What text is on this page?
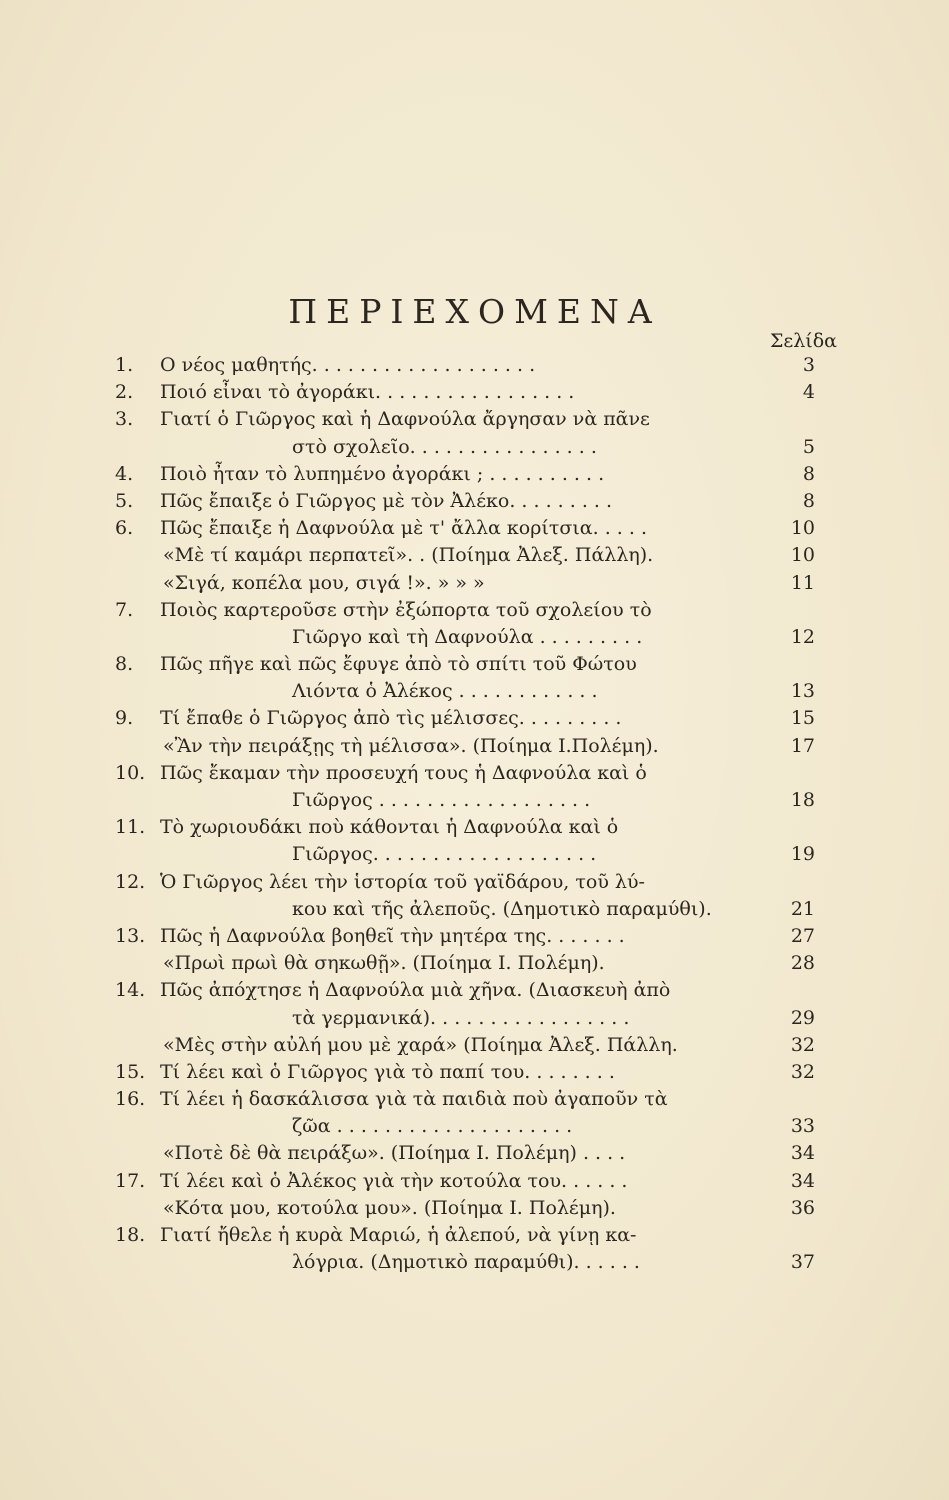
ΠΕΡΙΕΧΟΜΕΝΑ
Σελίδα
1.	Ο νέος μαθητής. . . . . . . . . . . . . . . . . . .	3
2.	Ποιό εἶναι τὸ ἀγοράκι. . . . . . . . . . . . . . . . .	4
3.	Γιατί ὁ Γιῶργος καὶ ἡ Δαφνούλα ἄργησαν νὰ πᾶνε
στὸ σχολεῖο. . . . . . . . . . . . . . . .	5
4.	Ποιὸ ἦταν τὸ λυπημένο ἀγοράκι ; . . . . . . . . . .	8
5.	Πῶς ἔπαιξε ὁ Γιῶργος μὲ τὸν Ἀλέκο. . . . . . . . .	8
6.	Πῶς ἔπαιξε ἡ Δαφνούλα μὲ τ' ἄλλα κορίτσια. . . . .	10
«Μὲ τί καμάρι περπατεῖ». . (Ποίημα Ἀλεξ. Πάλλη).	10
«Σιγά, κοπέλα μου, σιγά !». » » »	11
7.	Ποιὸς καρτεροῦσε στὴν ἐξώπορτα τοῦ σχολείου τὸ
Γιῶργο καὶ τὴ Δαφνούλα . . . . . . . . .	12
8.	Πῶς πῆγε καὶ πῶς ἔφυγε ἀπὸ τὸ σπίτι τοῦ Φώτου
Λιόντα ὁ Ἀλέκος . . . . . . . . . . . .	13
9.	Τί ἔπαθε ὁ Γιῶργος ἀπὸ τὶς μέλισσες. . . . . . . . .	15
«Ἂν τὴν πειράξῃς τὴ μέλισσα». (Ποίημα Ι.Πολέμη).	17
10. Πῶς ἔκαμαν τὴν προσευχή τους ἡ Δαφνούλα καὶ ὁ
Γιῶργος . . . . . . . . . . . . . . . . . .	18
11. Τὸ χωριουδάκι ποὺ κάθονται ἡ Δαφνούλα καὶ ὁ
Γιῶργος. . . . . . . . . . . . . . . . . . .	19
12. Ὁ Γιῶργος λέει τὴν ἱστορία τοῦ γαϊδάρου, τοῦ λύ-
κου καὶ τῆς ἀλεποῦς. (Δημοτικὸ παραμύθι).	21
13. Πῶς ἡ Δαφνούλα βοηθεῖ τὴν μητέρα της. . . . . . .	27
«Πρωὶ πρωὶ θὰ σηκωθῇ». (Ποίημα Ι. Πολέμη).	28
14. Πῶς ἀπόχτησε ἡ Δαφνούλα μιὰ χῆνα. (Διασκευὴ ἀπὸ
τὰ γερμανικά). . . . . . . . . . . . . . . . .	29
«Μὲς στὴν αὐλή μου μὲ χαρά» (Ποίημα Ἀλεξ. Πάλλη.	32
15. Τί λέει καὶ ὁ Γιῶργος γιὰ τὸ παπί του. . . . . . . .	32
16. Τί λέει ἡ δασκάλισσα γιὰ τὰ παιδιὰ ποὺ ἀγαποῦν τὰ
ζῶα . . . . . . . . . . . . . . . . . . . .	33
«Ποτὲ δὲ θὰ πειράξω». (Ποίημα Ι. Πολέμη) . . . .	34
17. Τί λέει καὶ ὁ Ἀλέκος γιὰ τὴν κοτούλα του. . . . . .	34
«Κότα μου, κοτούλα μου». (Ποίημα Ι. Πολέμη).	36
18. Γιατί ἤθελε ἡ κυρὰ Μαριώ, ἡ ἀλεπού, νὰ γίνῃ κα-
λόγρια. (Δημοτικὸ παραμύθι). . . . . .	37
